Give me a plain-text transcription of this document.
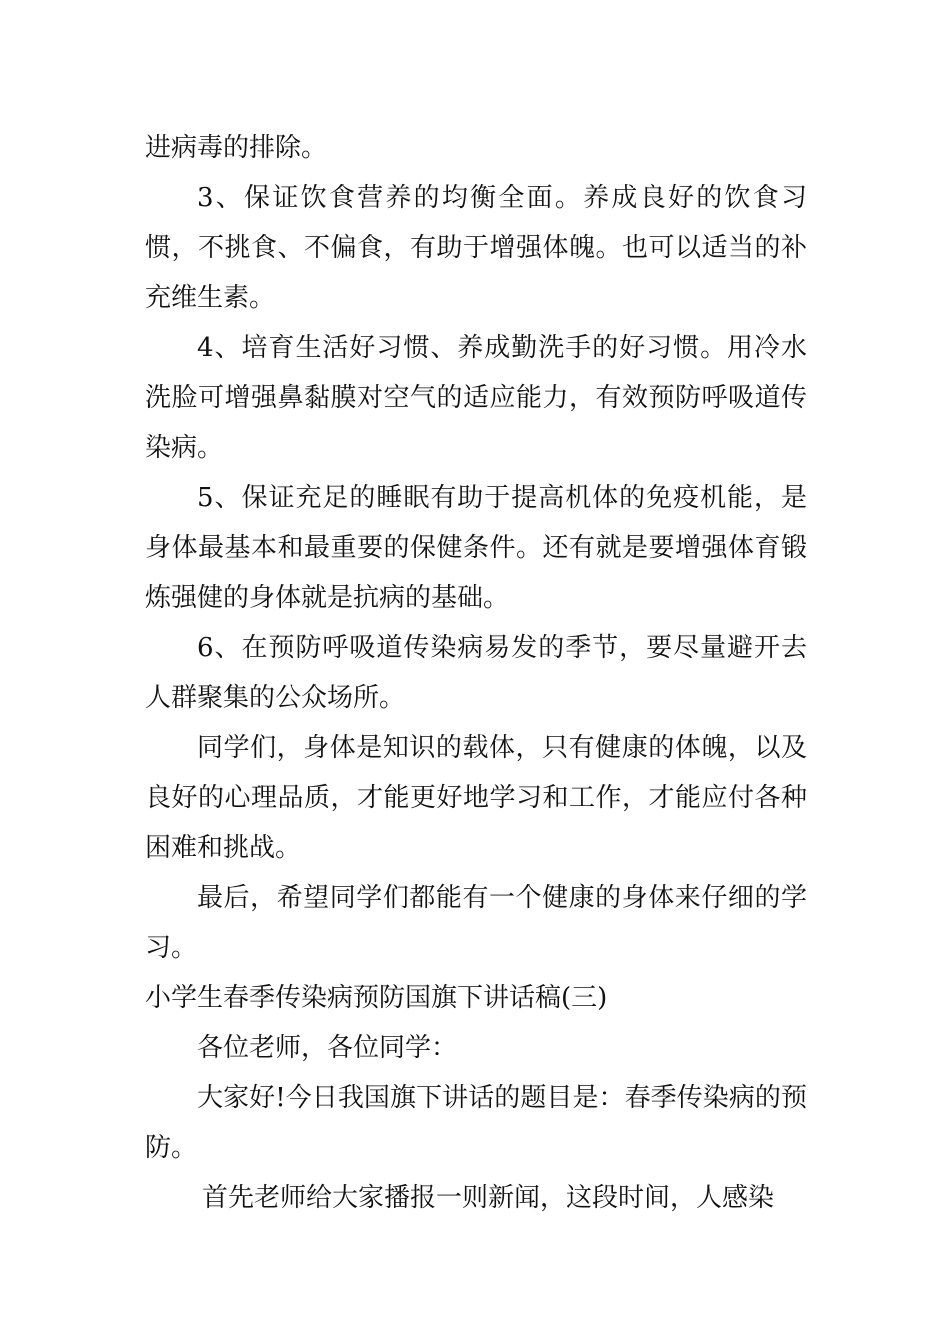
进病毒的排除。

3、保证饮食营养的均衡全面。养成良好的饮食习惯，不挑食、不偏食，有助于增强体魄。也可以适当的补充维生素。

4、培育生活好习惯、养成勤洗手的好习惯。用冷水洗脸可增强鼻黏膜对空气的适应能力，有效预防呼吸道传染病。

5、保证充足的睡眠有助于提高机体的免疫机能，是身体最基本和最重要的保健条件。还有就是要增强体育锻炼强健的身体就是抗病的基础。

6、在预防呼吸道传染病易发的季节，要尽量避开去人群聚集的公众场所。

同学们，身体是知识的载体，只有健康的体魄，以及良好的心理品质，才能更好地学习和工作，才能应付各种困难和挑战。

最后，希望同学们都能有一个健康的身体来仔细的学习。

小学生春季传染病预防国旗下讲话稿(三)

各位老师，各位同学：

大家好!今日我国旗下讲话的题目是：春季传染病的预防。

首先老师给大家播报一则新闻，这段时间，人感染
